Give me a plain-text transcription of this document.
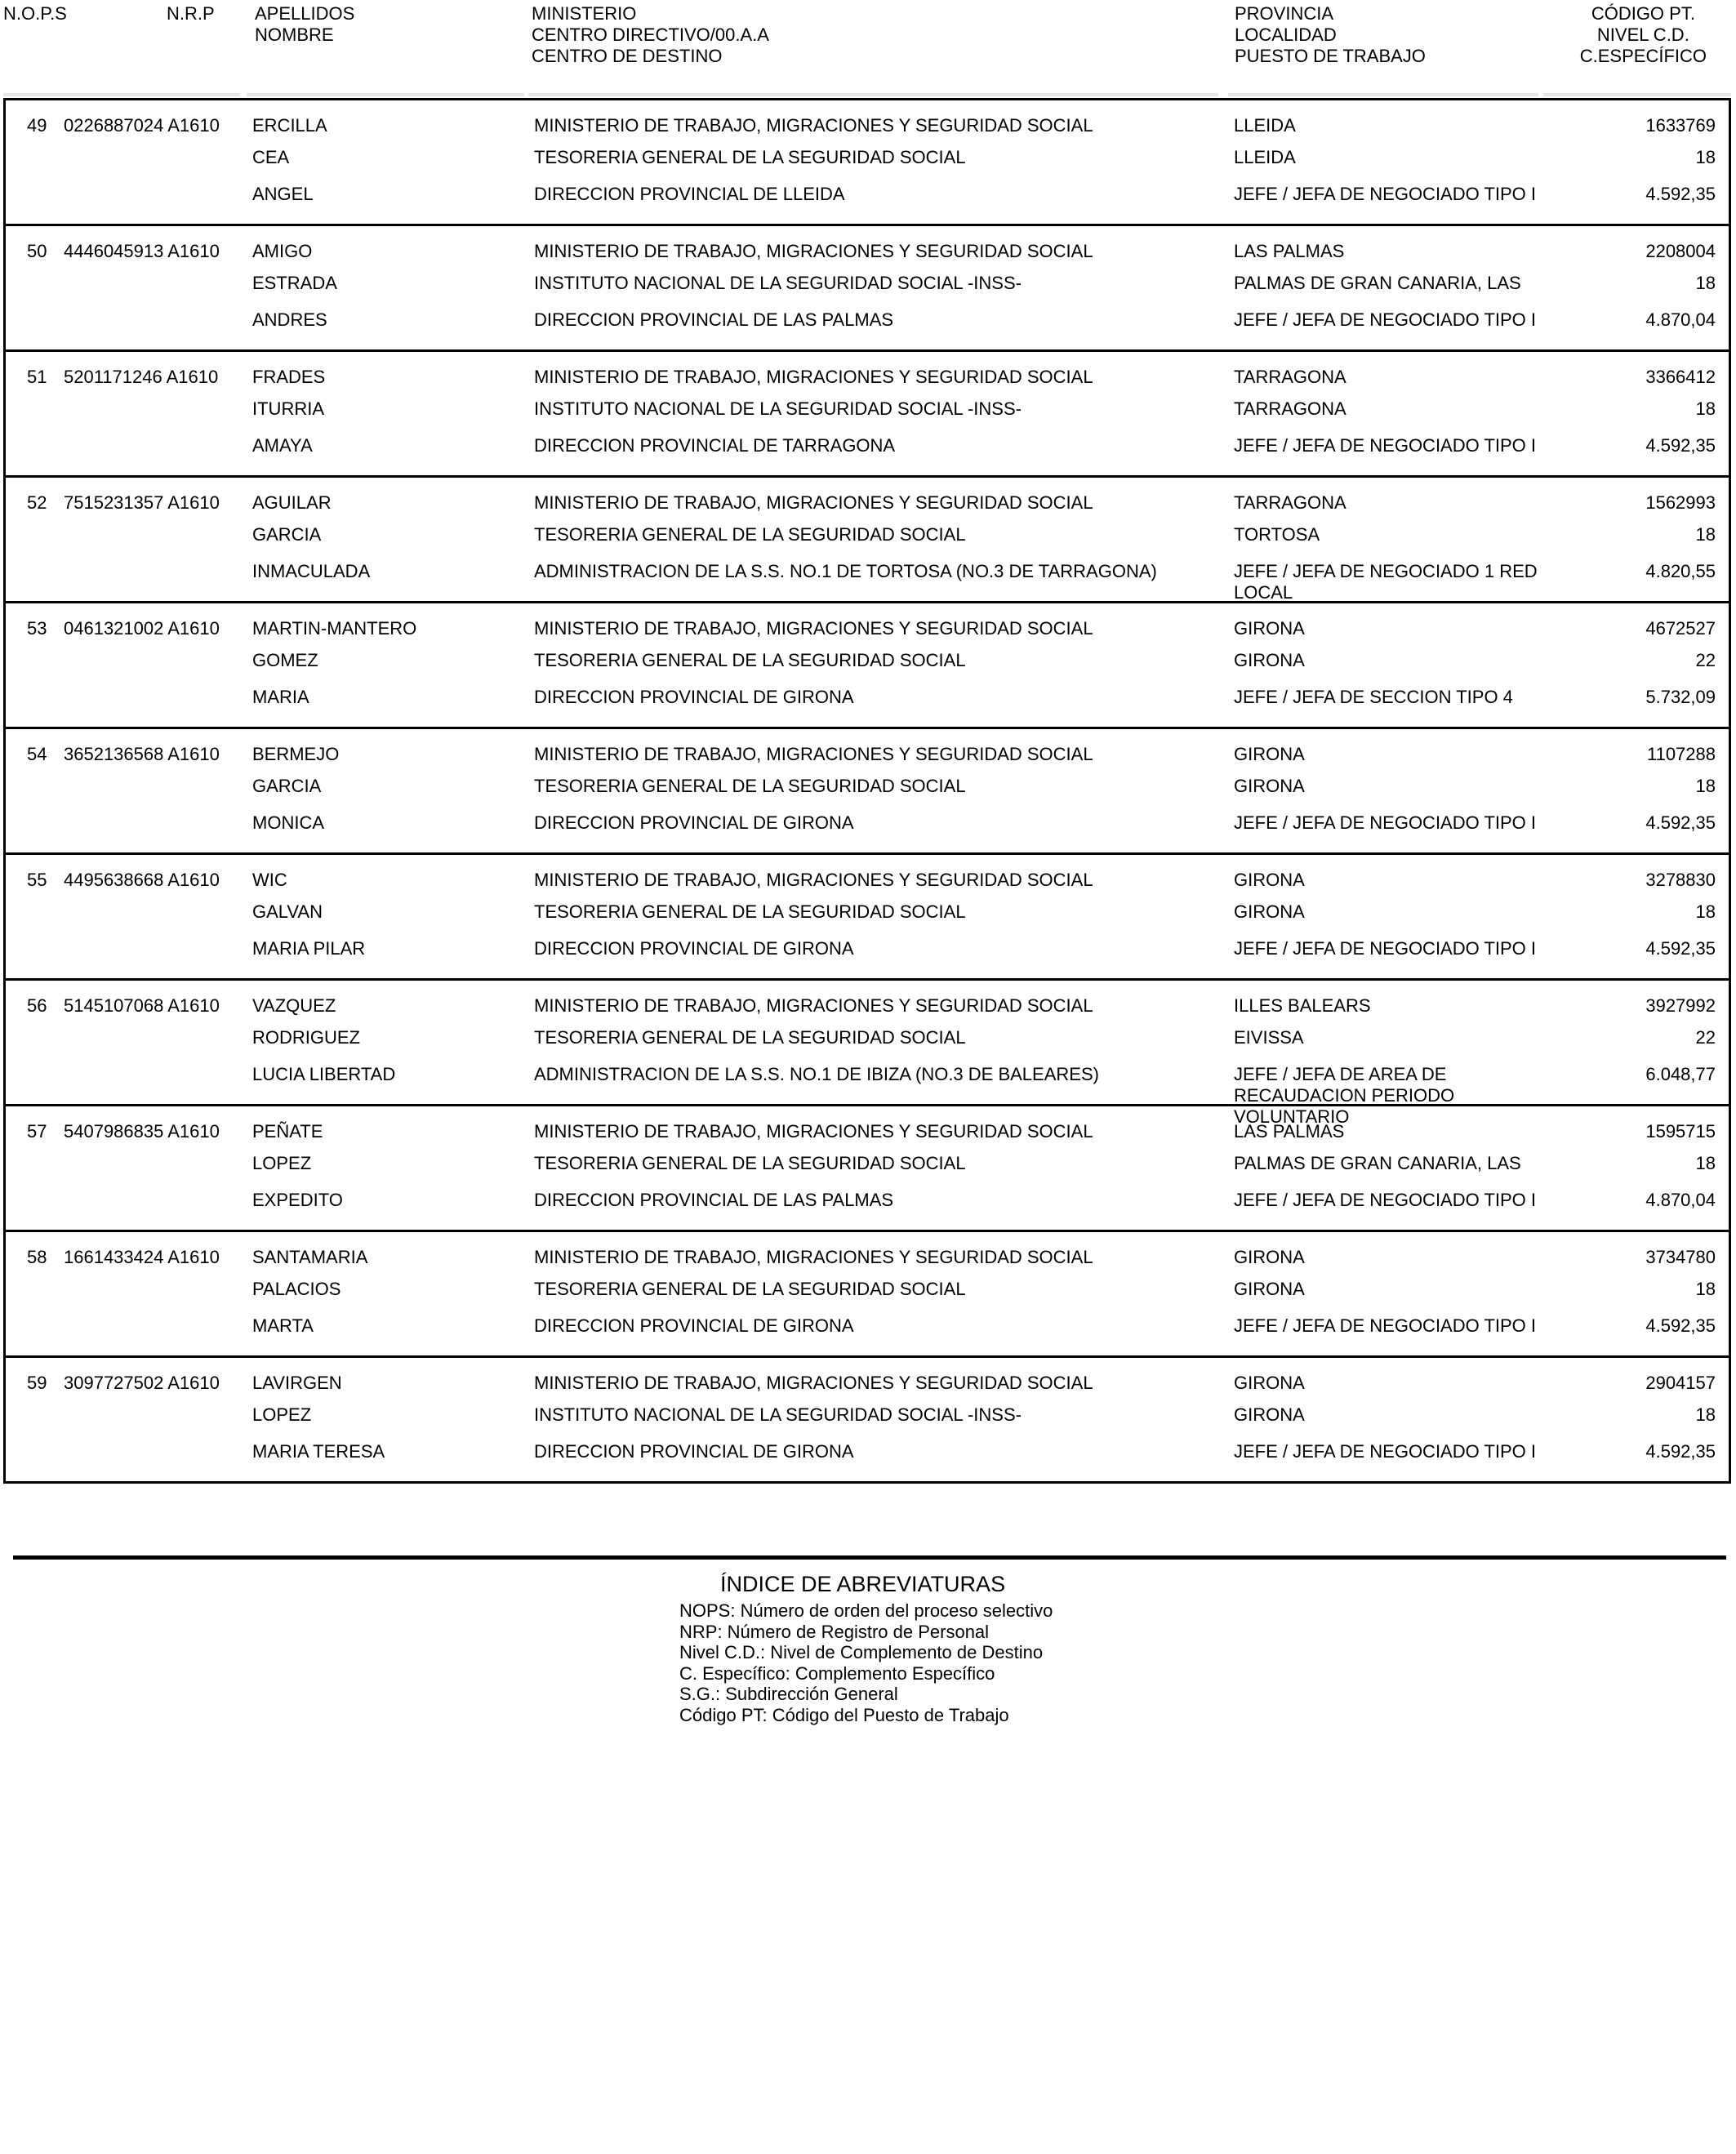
N.O.P.S	N.R.P APELLIDOS
NOMBRE
MINISTERIO
CENTRO DIRECTIVO/00.A.A
CENTRO DE DESTINO
PROVINCIA
LOCALIDAD
PUESTO DE TRABAJO
CÓDIGO PT.
NIVEL C.D.
C.ESPECÍFICO
49 0226887024 A1610 ERCILLA
CEA
ANGEL
MINISTERIO DE TRABAJO, MIGRACIONES Y SEGURIDAD SOCIAL
TESORERIA GENERAL DE LA SEGURIDAD SOCIAL
DIRECCION PROVINCIAL DE LLEIDA
LLEIDA
LLEIDA
JEFE / JEFA DE NEGOCIADO TIPO I
1633769
18
4.592,35
50 4446045913 A1610 AMIGO
ESTRADA
ANDRES
MINISTERIO DE TRABAJO, MIGRACIONES Y SEGURIDAD SOCIAL
INSTITUTO NACIONAL DE LA SEGURIDAD SOCIAL -INSS-
DIRECCION PROVINCIAL DE LAS PALMAS
LAS PALMAS
PALMAS DE GRAN CANARIA, LAS
JEFE / JEFA DE NEGOCIADO TIPO I
2208004
18
4.870,04
51 5201171246 A1610 FRADES
ITURRIA
AMAYA
MINISTERIO DE TRABAJO, MIGRACIONES Y SEGURIDAD SOCIAL
INSTITUTO NACIONAL DE LA SEGURIDAD SOCIAL -INSS-
DIRECCION PROVINCIAL DE TARRAGONA
TARRAGONA
TARRAGONA
JEFE / JEFA DE NEGOCIADO TIPO I
3366412
18
4.592,35
52 7515231357 A1610 AGUILAR
GARCIA
INMACULADA
MINISTERIO DE TRABAJO, MIGRACIONES Y SEGURIDAD SOCIAL
TESORERIA GENERAL DE LA SEGURIDAD SOCIAL
ADMINISTRACION DE LA S.S. NO.1 DE TORTOSA (NO.3 DE TARRAGONA)
TARRAGONA
TORTOSA
JEFE / JEFA DE NEGOCIADO 1 RED LOCAL
1562993
18
4.820,55
53 0461321002 A1610 MARTIN-MANTERO
GOMEZ
MARIA
MINISTERIO DE TRABAJO, MIGRACIONES Y SEGURIDAD SOCIAL
TESORERIA GENERAL DE LA SEGURIDAD SOCIAL
DIRECCION PROVINCIAL DE GIRONA
GIRONA
GIRONA
JEFE / JEFA DE SECCION TIPO 4
4672527
22
5.732,09
54 3652136568 A1610 BERMEJO
GARCIA
MONICA
MINISTERIO DE TRABAJO, MIGRACIONES Y SEGURIDAD SOCIAL
TESORERIA GENERAL DE LA SEGURIDAD SOCIAL
DIRECCION PROVINCIAL DE GIRONA
GIRONA
GIRONA
JEFE / JEFA DE NEGOCIADO TIPO I
1107288
18
4.592,35
55 4495638668 A1610 WIC
GALVAN
MARIA PILAR
MINISTERIO DE TRABAJO, MIGRACIONES Y SEGURIDAD SOCIAL
TESORERIA GENERAL DE LA SEGURIDAD SOCIAL
DIRECCION PROVINCIAL DE GIRONA
GIRONA
GIRONA
JEFE / JEFA DE NEGOCIADO TIPO I
3278830
18
4.592,35
56 5145107068 A1610 VAZQUEZ
RODRIGUEZ
LUCIA LIBERTAD
MINISTERIO DE TRABAJO, MIGRACIONES Y SEGURIDAD SOCIAL
TESORERIA GENERAL DE LA SEGURIDAD SOCIAL
ADMINISTRACION DE LA S.S. NO.1 DE IBIZA (NO.3 DE BALEARES)
ILLES BALEARS
EIVISSA
JEFE / JEFA DE AREA DE RECAUDACION PERIODO VOLUNTARIO
3927992
22
6.048,77
57 5407986835 A1610 PEÑATE
LOPEZ
EXPEDITO
MINISTERIO DE TRABAJO, MIGRACIONES Y SEGURIDAD SOCIAL
TESORERIA GENERAL DE LA SEGURIDAD SOCIAL
DIRECCION PROVINCIAL DE LAS PALMAS
LAS PALMAS
PALMAS DE GRAN CANARIA, LAS
JEFE / JEFA DE NEGOCIADO TIPO I
1595715
18
4.870,04
58 1661433424 A1610 SANTAMARIA
PALACIOS
MARTA
MINISTERIO DE TRABAJO, MIGRACIONES Y SEGURIDAD SOCIAL
TESORERIA GENERAL DE LA SEGURIDAD SOCIAL
DIRECCION PROVINCIAL DE GIRONA
GIRONA
GIRONA
JEFE / JEFA DE NEGOCIADO TIPO I
3734780
18
4.592,35
59 3097727502 A1610 LAVIRGEN
LOPEZ
MARIA TERESA
MINISTERIO DE TRABAJO, MIGRACIONES Y SEGURIDAD SOCIAL
INSTITUTO NACIONAL DE LA SEGURIDAD SOCIAL -INSS-
DIRECCION PROVINCIAL DE GIRONA
GIRONA
GIRONA
JEFE / JEFA DE NEGOCIADO TIPO I
2904157
18
4.592,35
ÍNDICE DE ABREVIATURAS
NOPS: Número de orden del proceso selectivo
NRP: Número de Registro de Personal
Nivel C.D.: Nivel de Complemento de Destino
C. Específico: Complemento Específico
S.G.: Subdirección General
Código PT: Código del Puesto de Trabajo
